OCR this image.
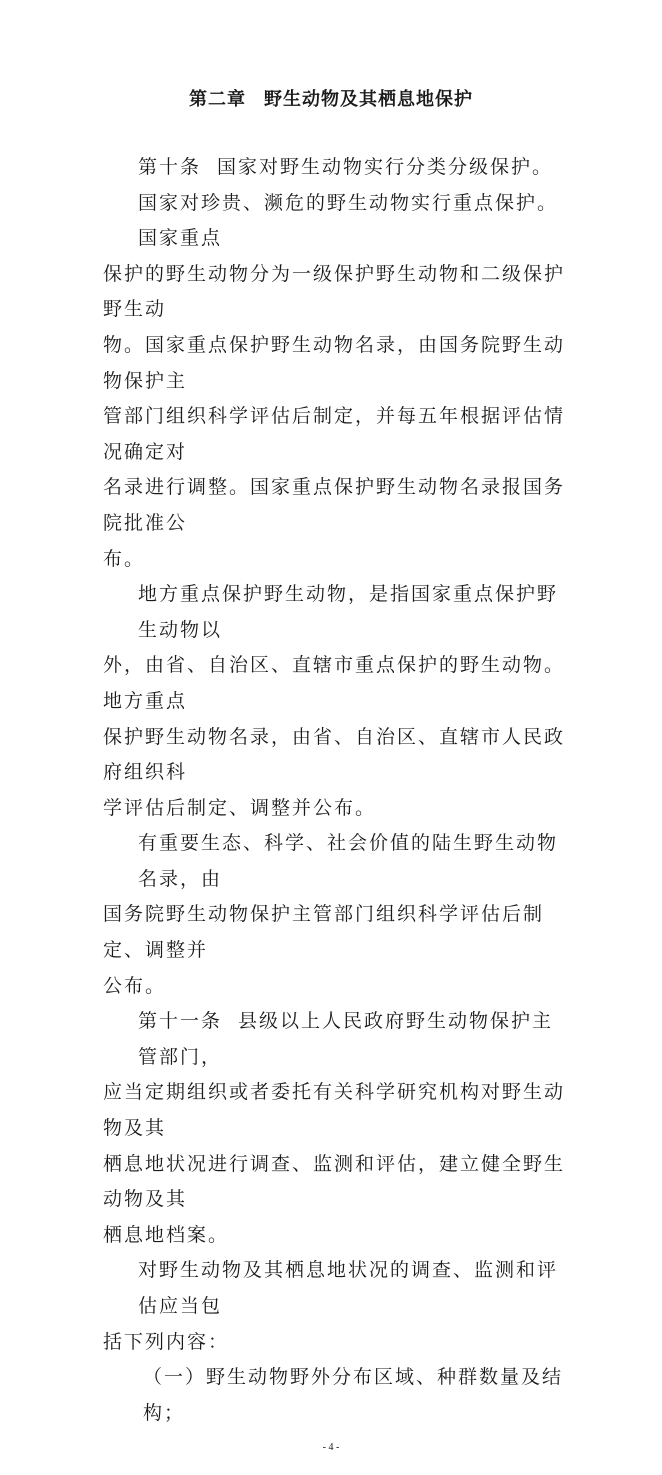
第二章 野生动物及其栖息地保护
第十条 国家对野生动物实行分类分级保护。
国家对珍贵、濒危的野生动物实行重点保护。国家重点
保护的野生动物分为一级保护野生动物和二级保护野生动
物。国家重点保护野生动物名录，由国务院野生动物保护主
管部门组织科学评估后制定，并每五年根据评估情况确定对
名录进行调整。国家重点保护野生动物名录报国务院批准公
布。
地方重点保护野生动物，是指国家重点保护野生动物以
外，由省、自治区、直辖市重点保护的野生动物。地方重点
保护野生动物名录，由省、自治区、直辖市人民政府组织科
学评估后制定、调整并公布。
有重要生态、科学、社会价值的陆生野生动物名录，由
国务院野生动物保护主管部门组织科学评估后制定、调整并
公布。
第十一条 县级以上人民政府野生动物保护主管部门，
应当定期组织或者委托有关科学研究机构对野生动物及其
栖息地状况进行调查、监测和评估，建立健全野生动物及其
栖息地档案。
对野生动物及其栖息地状况的调查、监测和评估应当包
括下列内容：
（一）野生动物野外分布区域、种群数量及结构；
- 4 -
